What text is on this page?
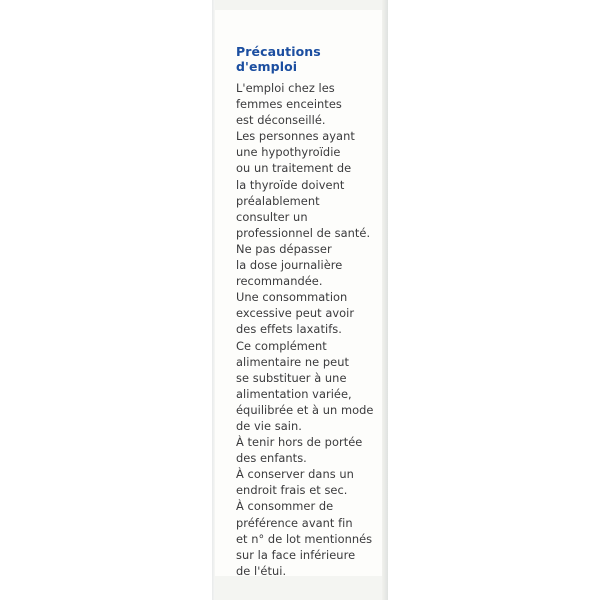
Précautions d'emploi

L'emploi chez les
femmes enceintes
est déconseillé.
Les personnes ayant
une hypothyroïdie
ou un traitement de
la thyroïde doivent
préalablement
consulter un
professionnel de santé.
Ne pas dépasser
la dose journalière
recommandée.
Une consommation
excessive peut avoir
des effets laxatifs.
Ce complément
alimentaire ne peut
se substituer à une
alimentation variée,
équilibrée et à un mode
de vie sain.
À tenir hors de portée
des enfants.
À conserver dans un
endroit frais et sec.
À consommer de
préférence avant fin
et n° de lot mentionnés
sur la face inférieure
de l'étui.
